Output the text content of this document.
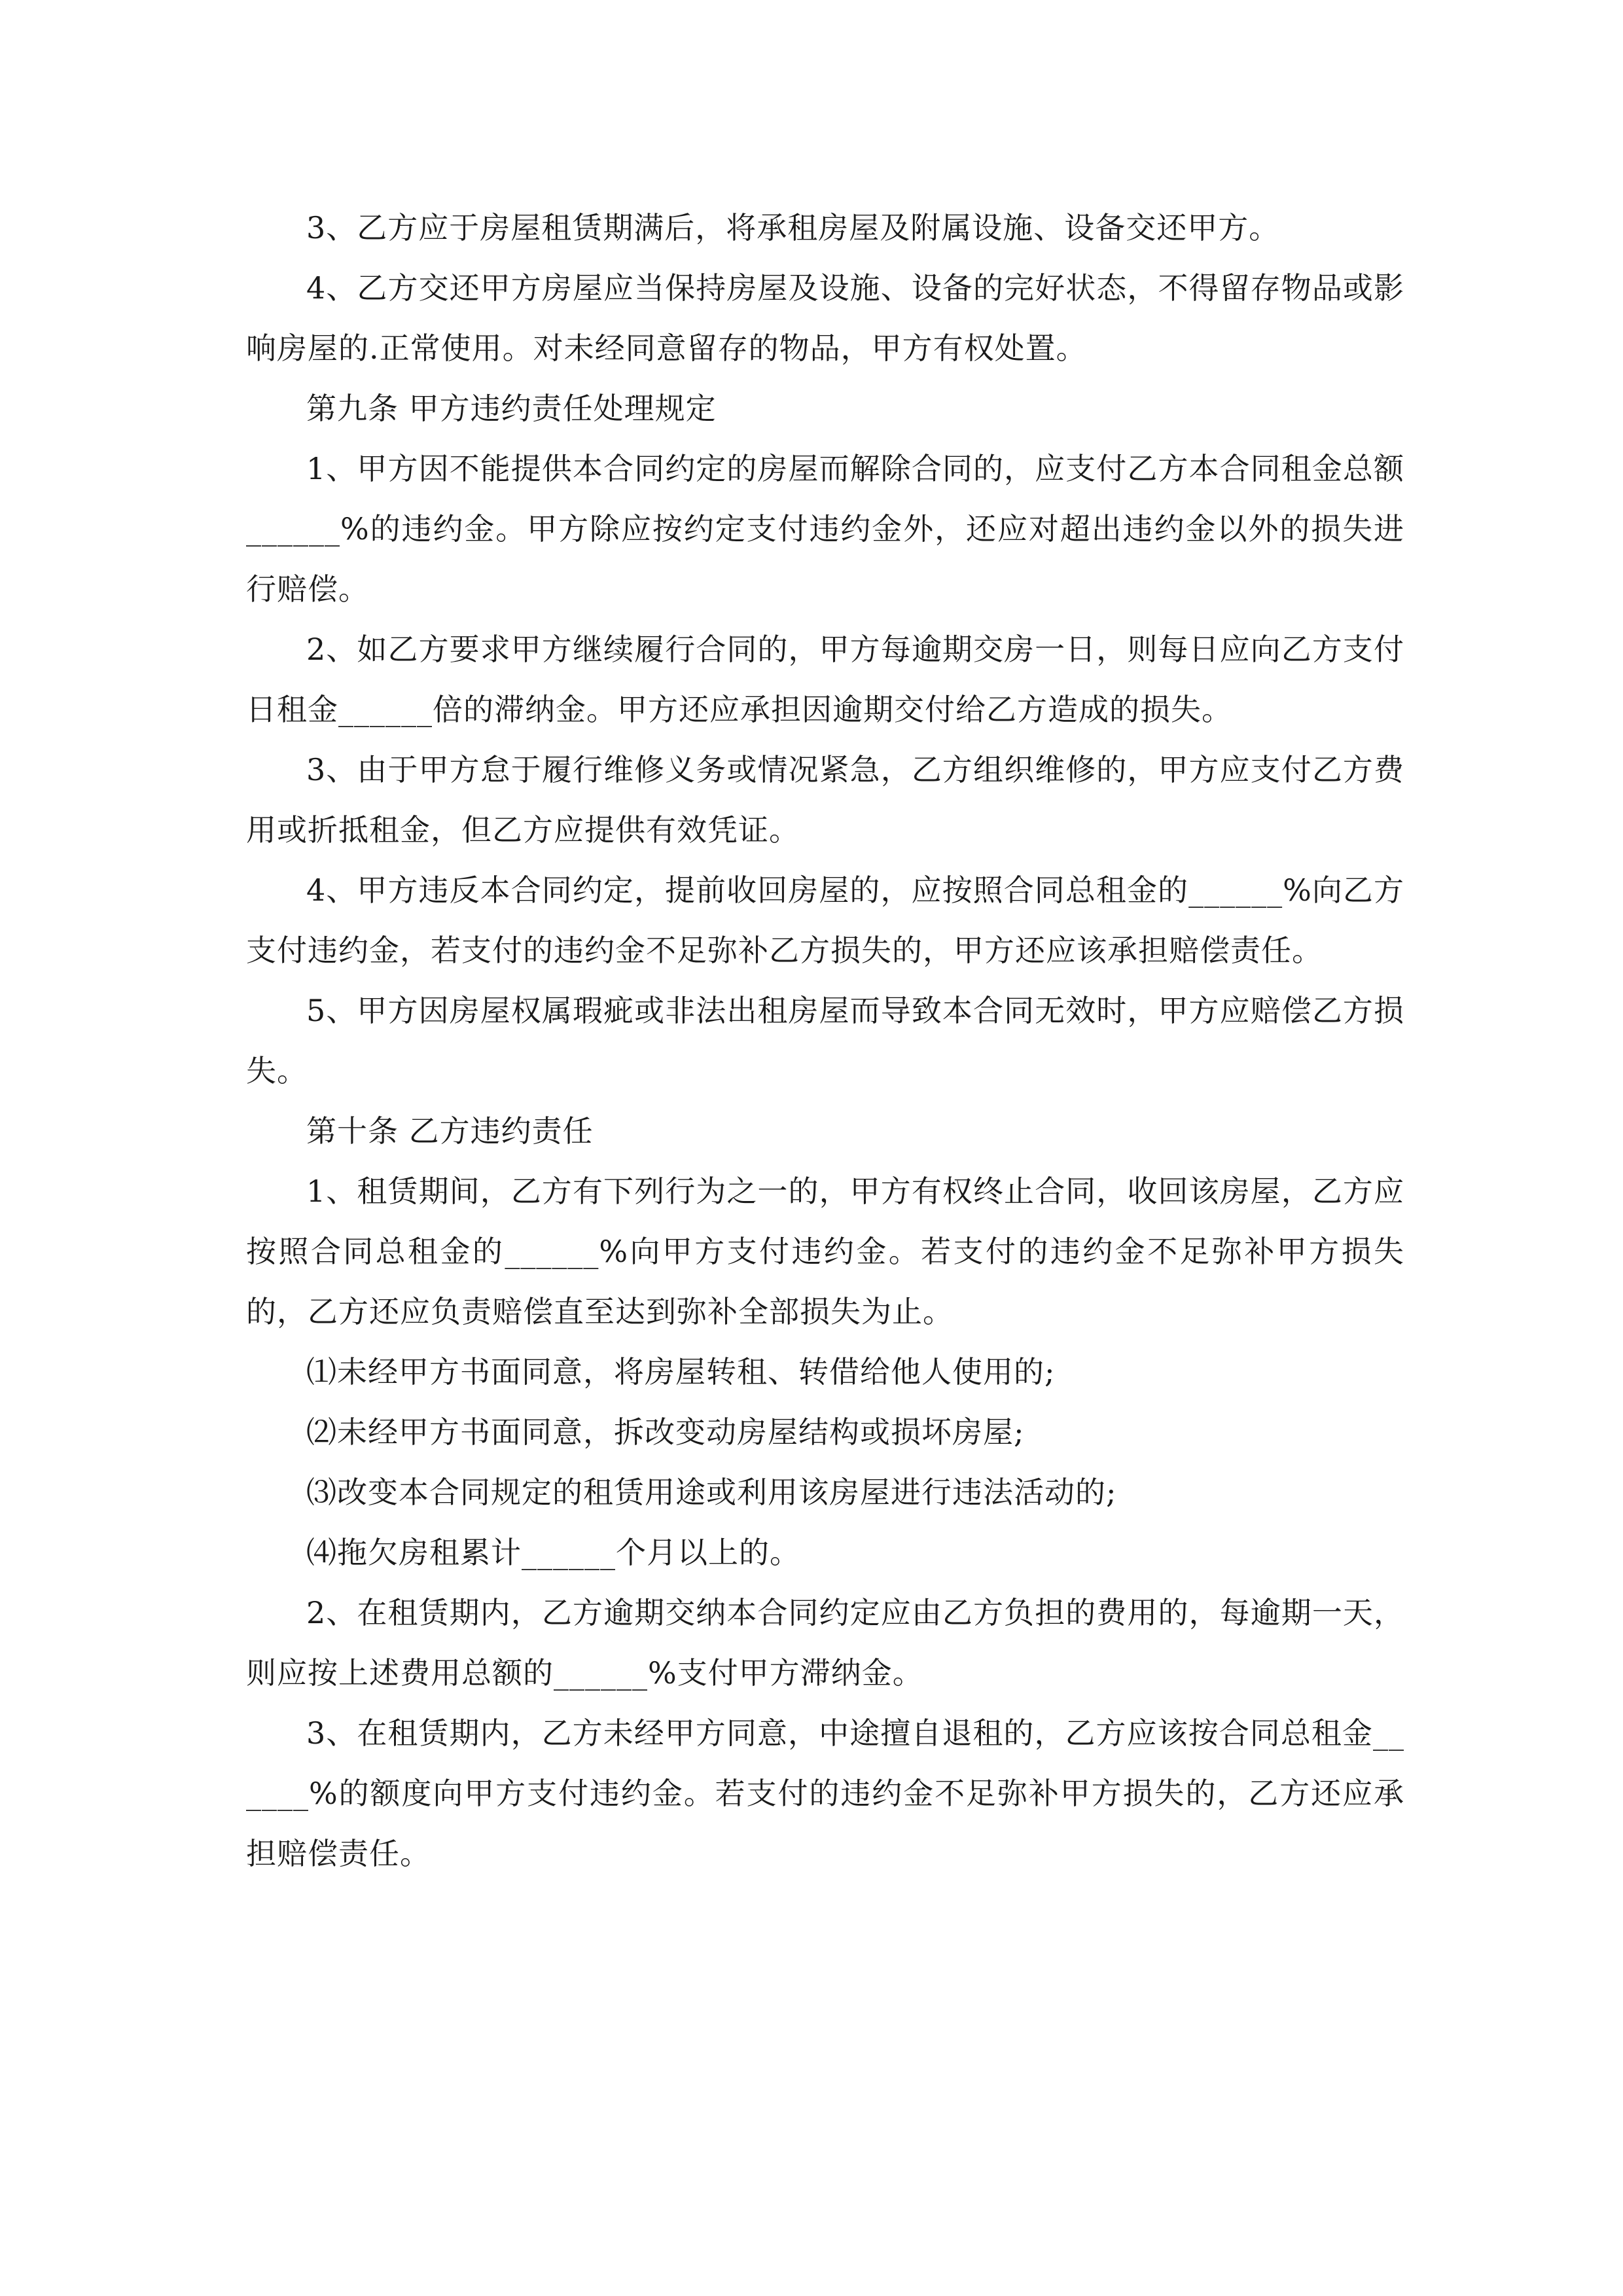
3、乙方应于房屋租赁期满后，将承租房屋及附属设施、设备交还甲方。

4、乙方交还甲方房屋应当保持房屋及设施、设备的完好状态，不得留存物品或影响房屋的.正常使用。对未经同意留存的物品，甲方有权处置。

第九条 甲方违约责任处理规定

1、甲方因不能提供本合同约定的房屋而解除合同的，应支付乙方本合同租金总额______%的违约金。甲方除应按约定支付违约金外，还应对超出违约金以外的损失进行赔偿。

2、如乙方要求甲方继续履行合同的，甲方每逾期交房一日，则每日应向乙方支付日租金______倍的滞纳金。甲方还应承担因逾期交付给乙方造成的损失。

3、由于甲方怠于履行维修义务或情况紧急，乙方组织维修的，甲方应支付乙方费用或折抵租金，但乙方应提供有效凭证。

4、甲方违反本合同约定，提前收回房屋的，应按照合同总租金的______%向乙方支付违约金，若支付的违约金不足弥补乙方损失的，甲方还应该承担赔偿责任。

5、甲方因房屋权属瑕疵或非法出租房屋而导致本合同无效时，甲方应赔偿乙方损失。

第十条 乙方违约责任

1、租赁期间，乙方有下列行为之一的，甲方有权终止合同，收回该房屋，乙方应按照合同总租金的______%向甲方支付违约金。若支付的违约金不足弥补甲方损失的，乙方还应负责赔偿直至达到弥补全部损失为止。

⑴未经甲方书面同意，将房屋转租、转借给他人使用的;

⑵未经甲方书面同意，拆改变动房屋结构或损坏房屋;

⑶改变本合同规定的租赁用途或利用该房屋进行违法活动的;

⑷拖欠房租累计______个月以上的。

2、在租赁期内，乙方逾期交纳本合同约定应由乙方负担的费用的，每逾期一天，则应按上述费用总额的______%支付甲方滞纳金。

3、在租赁期内，乙方未经甲方同意，中途擅自退租的，乙方应该按合同总租金______%的额度向甲方支付违约金。若支付的违约金不足弥补甲方损失的，乙方还应承担赔偿责任。
